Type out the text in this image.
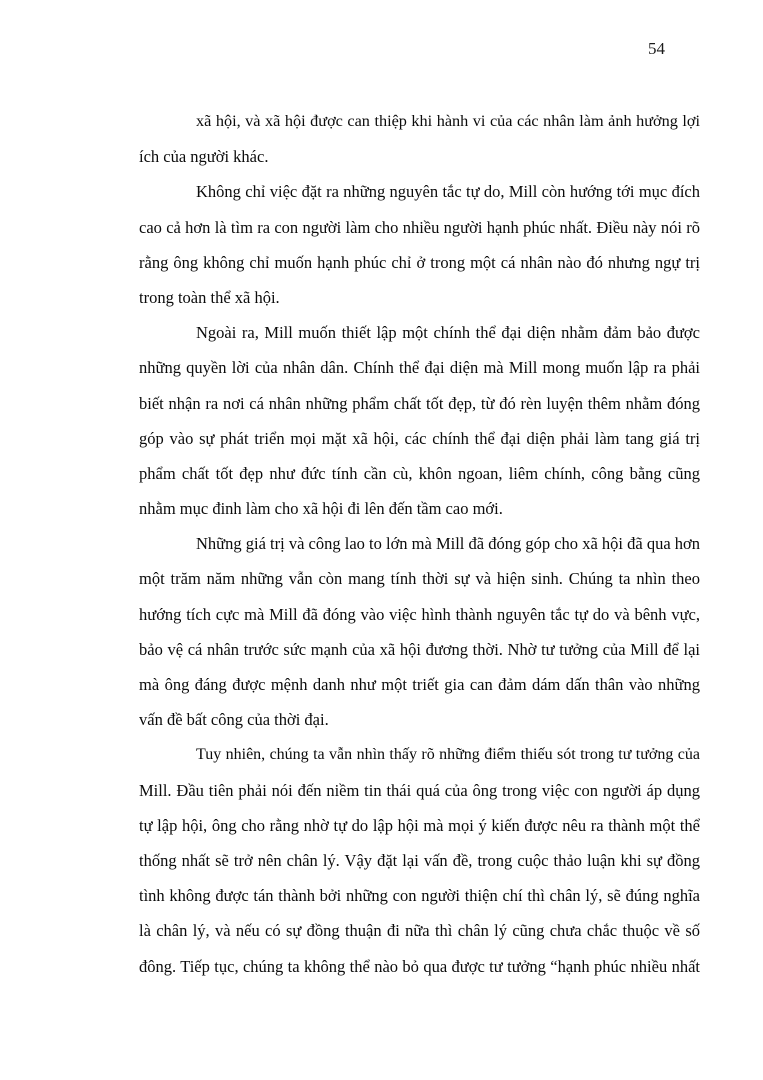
54
xã hội, và xã hội được can thiệp khi hành vi của các nhân làm ảnh hưởng lợi
ích của người khác.
Không chỉ việc đặt ra những nguyên tắc tự do, Mill còn hướng tới mục đích
cao cả hơn là tìm ra con người làm cho nhiều người hạnh phúc nhất. Điều này nói rõ
rằng ông không chỉ muốn hạnh phúc chỉ ở trong một cá nhân nào đó nhưng ngự trị
trong toàn thể xã hội.
Ngoài ra, Mill muốn thiết lập một chính thể đại diện nhằm đảm bảo được
những quyền lời của nhân dân. Chính thể đại diện mà Mill mong muốn lập ra phải
biết nhận ra nơi cá nhân những phẩm chất tốt đẹp, từ đó rèn luyện thêm nhằm đóng
góp vào sự phát triển mọi mặt xã hội, các chính thể đại diện phải làm tang giá trị
phẩm chất tốt đẹp như đức tính cần cù, khôn ngoan, liêm chính, công bằng cũng
nhằm mục đinh làm cho xã hội đi lên đến tầm cao mới.
Những giá trị và công lao to lớn mà Mill đã đóng góp cho xã hội đã qua hơn
một trăm năm những vẫn còn mang tính thời sự và hiện sinh. Chúng ta nhìn theo
hướng tích cực mà Mill đã đóng vào việc hình thành nguyên tắc tự do và bênh vực,
bảo vệ cá nhân trước sức mạnh của xã hội đương thời. Nhờ tư tưởng của Mill để lại
mà ông đáng được mệnh danh như một triết gia can đảm dám dấn thân vào những
vấn đề bất công của thời đại.
Tuy nhiên, chúng ta vẫn nhìn thấy rõ những điểm thiếu sót trong tư tưởng của
Mill. Đầu tiên phải nói đến niềm tin thái quá của ông trong việc con người áp dụng
tự lập hội, ông cho rằng nhờ tự do lập hội mà mọi ý kiến được nêu ra thành một thể
thống nhất sẽ trở nên chân lý. Vậy đặt lại vấn đề, trong cuộc thảo luận khi sự đồng
tình không được tán thành bởi những con người thiện chí thì chân lý, sẽ đúng nghĩa
là chân lý, và nếu có sự đồng thuận đi nữa thì chân lý cũng chưa chắc thuộc về số
đông. Tiếp tục, chúng ta không thể nào bỏ qua được tư tưởng “hạnh phúc nhiều nhất
